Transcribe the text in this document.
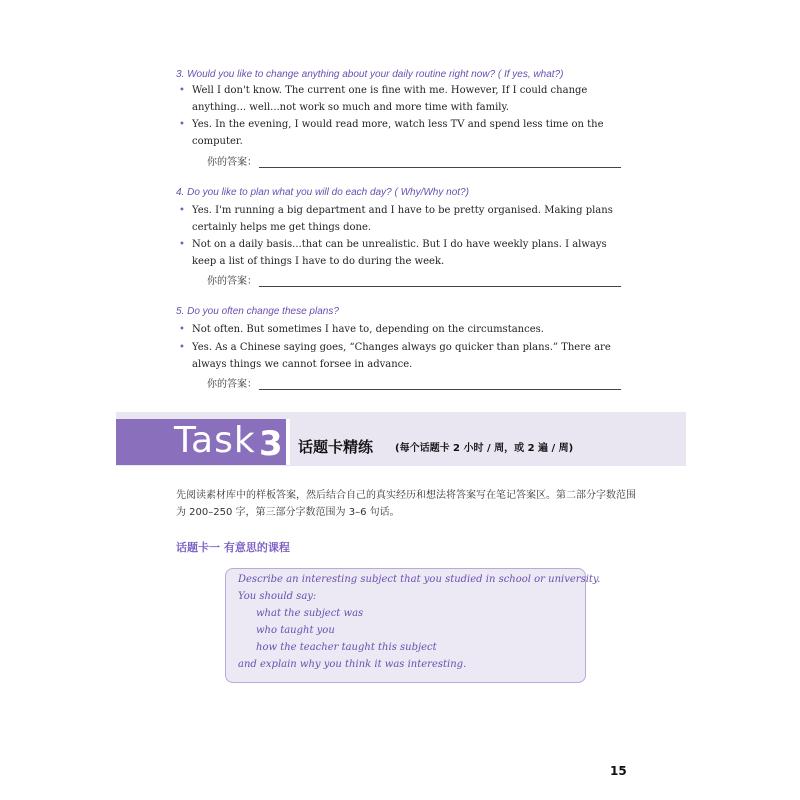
3. Would you like to change anything about your daily routine right now? ( If yes, what?)
• Well I don't know. The current one is fine with me. However, If I could change anything... well...not work so much and more time with family.
• Yes. In the evening, I would read more, watch less TV and spend less time on the computer.
你的答案：
4. Do you like to plan what you will do each day? ( Why/Why not?)
• Yes. I'm running a big department and I have to be pretty organised. Making plans certainly helps me get things done.
• Not on a daily basis...that can be unrealistic. But I do have weekly plans. I always keep a list of things I have to do during the week.
你的答案：
5. Do you often change these plans?
• Not often. But sometimes I have to, depending on the circumstances.
• Yes. As a Chinese saying goes, “Changes always go quicker than plans.” There are always things we cannot forsee in advance.
你的答案：
Task 3 话题卡精练 (每个话题卡 2 小时 / 周，或 2 遍 / 周)
先阅读素材库中的样板答案，然后结合自己的真实经历和想法将答案写在笔记答案区。第二部分字数范围为 200–250 字，第三部分字数范围为 3–6 句话。
话题卡一 有意思的课程
Describe an interesting subject that you studied in school or university.
You should say:
what the subject was
who taught you
how the teacher taught this subject
and explain why you think it was interesting.
15
